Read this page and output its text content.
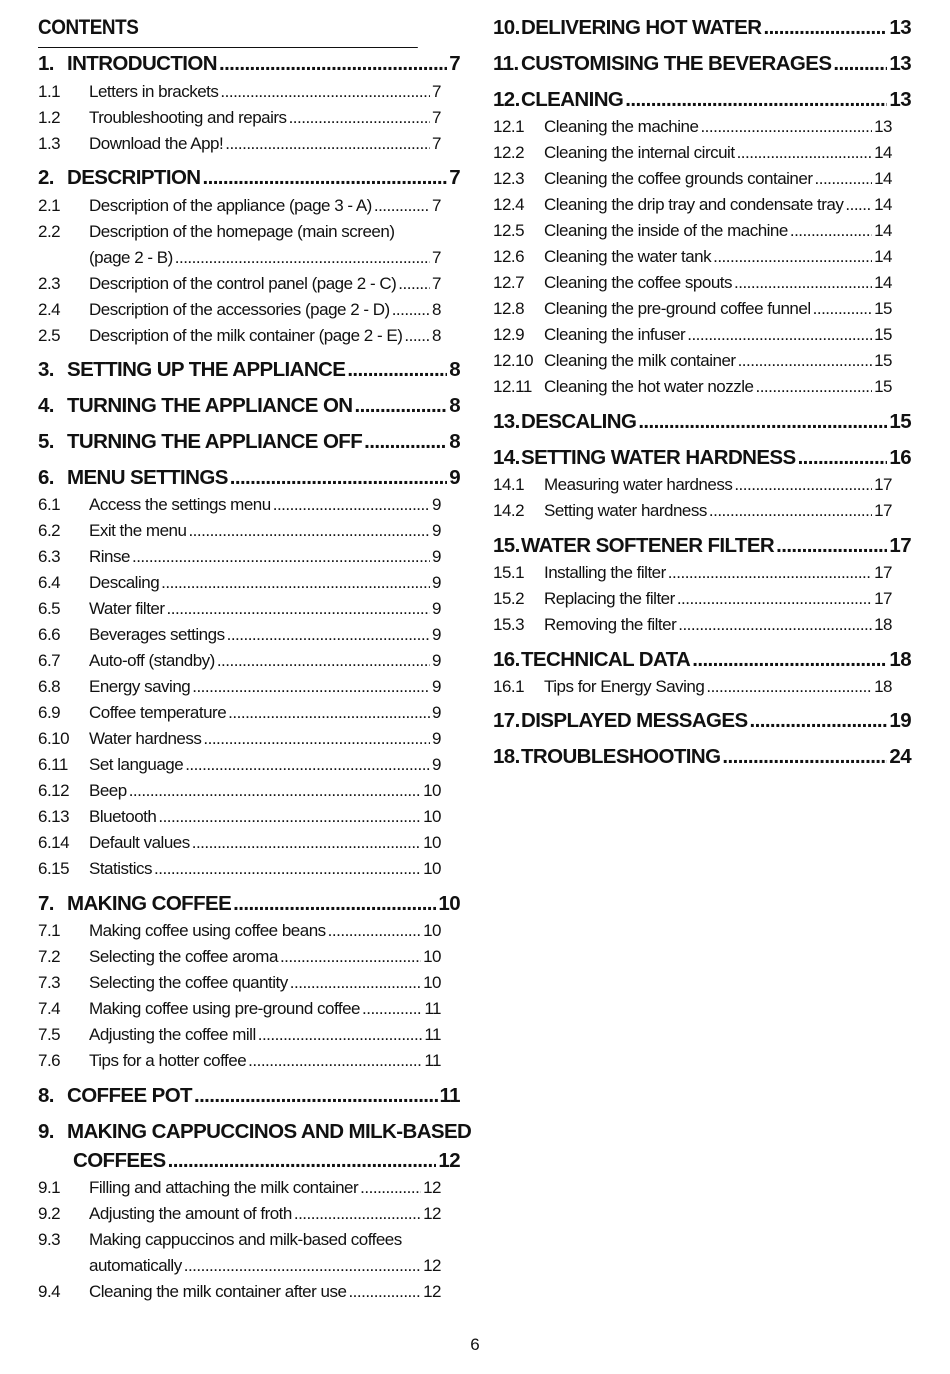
CONTENTS
1. INTRODUCTION .....	7
1.1	Letters in brackets .....	7
1.2	Troubleshooting and repairs .....	7
1.3	Download the App! .....	7
2. DESCRIPTION .....	7
2.1	Description of the appliance (page 3 - A) .....	7
2.2	Description of the homepage (main screen)
(page 2 - B) .....	7
2.3	Description of the control panel (page 2 - C) ..... 7
2.4	Description of the accessories (page 2 - D) ..... 8
2.5	Description of the milk container (page 2 - E) ..... 8
3. SETTING UP THE APPLIANCE .....	8
4. TURNING THE APPLIANCE ON .....	8
5. TURNING THE APPLIANCE OFF .....	8
6. MENU SETTINGS .....	9
6.1	Access the settings menu .....	9
6.2	Exit the menu .....	9
6.3	Rinse .....	9
6.4	Descaling .....	9
6.5	Water filter .....	9
6.6	Beverages settings .....	9
6.7	Auto-off (standby) .....	9
6.8	Energy saving .....	9
6.9	Coffee temperature .....	9
6.10	Water hardness .....	9
6.11	Set language .....	9
6.12	Beep .....	10
6.13	Bluetooth .....	10
6.14	Default values .....	10
6.15	Statistics .....	10
7. MAKING COFFEE .....	10
7.1	Making coffee using coffee beans .....	10
7.2	Selecting the coffee aroma .....	10
7.3	Selecting the coffee quantity .....	10
7.4	Making coffee using pre-ground coffee .....	11
7.5	Adjusting the coffee mill .....	11
7.6	Tips for a hotter coffee .....	11
8. COFFEE POT .....	11
9. MAKING CAPPUCCINOS AND MILK-BASED
COFFEES .....	12
9.1	Filling and attaching the milk container .....	12
9.2	Adjusting the amount of froth .....	12
9.3	Making cappuccinos and milk-based coffees
automatically .....	12
9.4	Cleaning the milk container after use .....	12
10. DELIVERING HOT WATER .....	13
11. CUSTOMISING THE BEVERAGES .....	13
12. CLEANING .....	13
12.1	Cleaning the machine .....	13
12.2	Cleaning the internal circuit .....	14
12.3	Cleaning the coffee grounds container .....	14
12.4	Cleaning the drip tray and condensate tray ..... 14
12.5	Cleaning the inside of the machine .....	14
12.6	Cleaning the water tank .....	14
12.7	Cleaning the coffee spouts .....	14
12.8	Cleaning the pre-ground coffee funnel .....	15
12.9	Cleaning the infuser .....	15
12.10 Cleaning the milk container .....	15
12.11 Cleaning the hot water nozzle .....	15
13. DESCALING .....	15
14. SETTING WATER HARDNESS .....	16
14.1	Measuring water hardness .....	17
14.2	Setting water hardness .....	17
15. WATER SOFTENER FILTER .....	17
15.1	Installing the filter .....	17
15.2	Replacing the filter .....	17
15.3	Removing the filter .....	18
16. TECHNICAL DATA .....	18
16.1	Tips for Energy Saving .....	18
17. DISPLAYED MESSAGES .....	19
18. TROUBLESHOOTING .....	24
6
